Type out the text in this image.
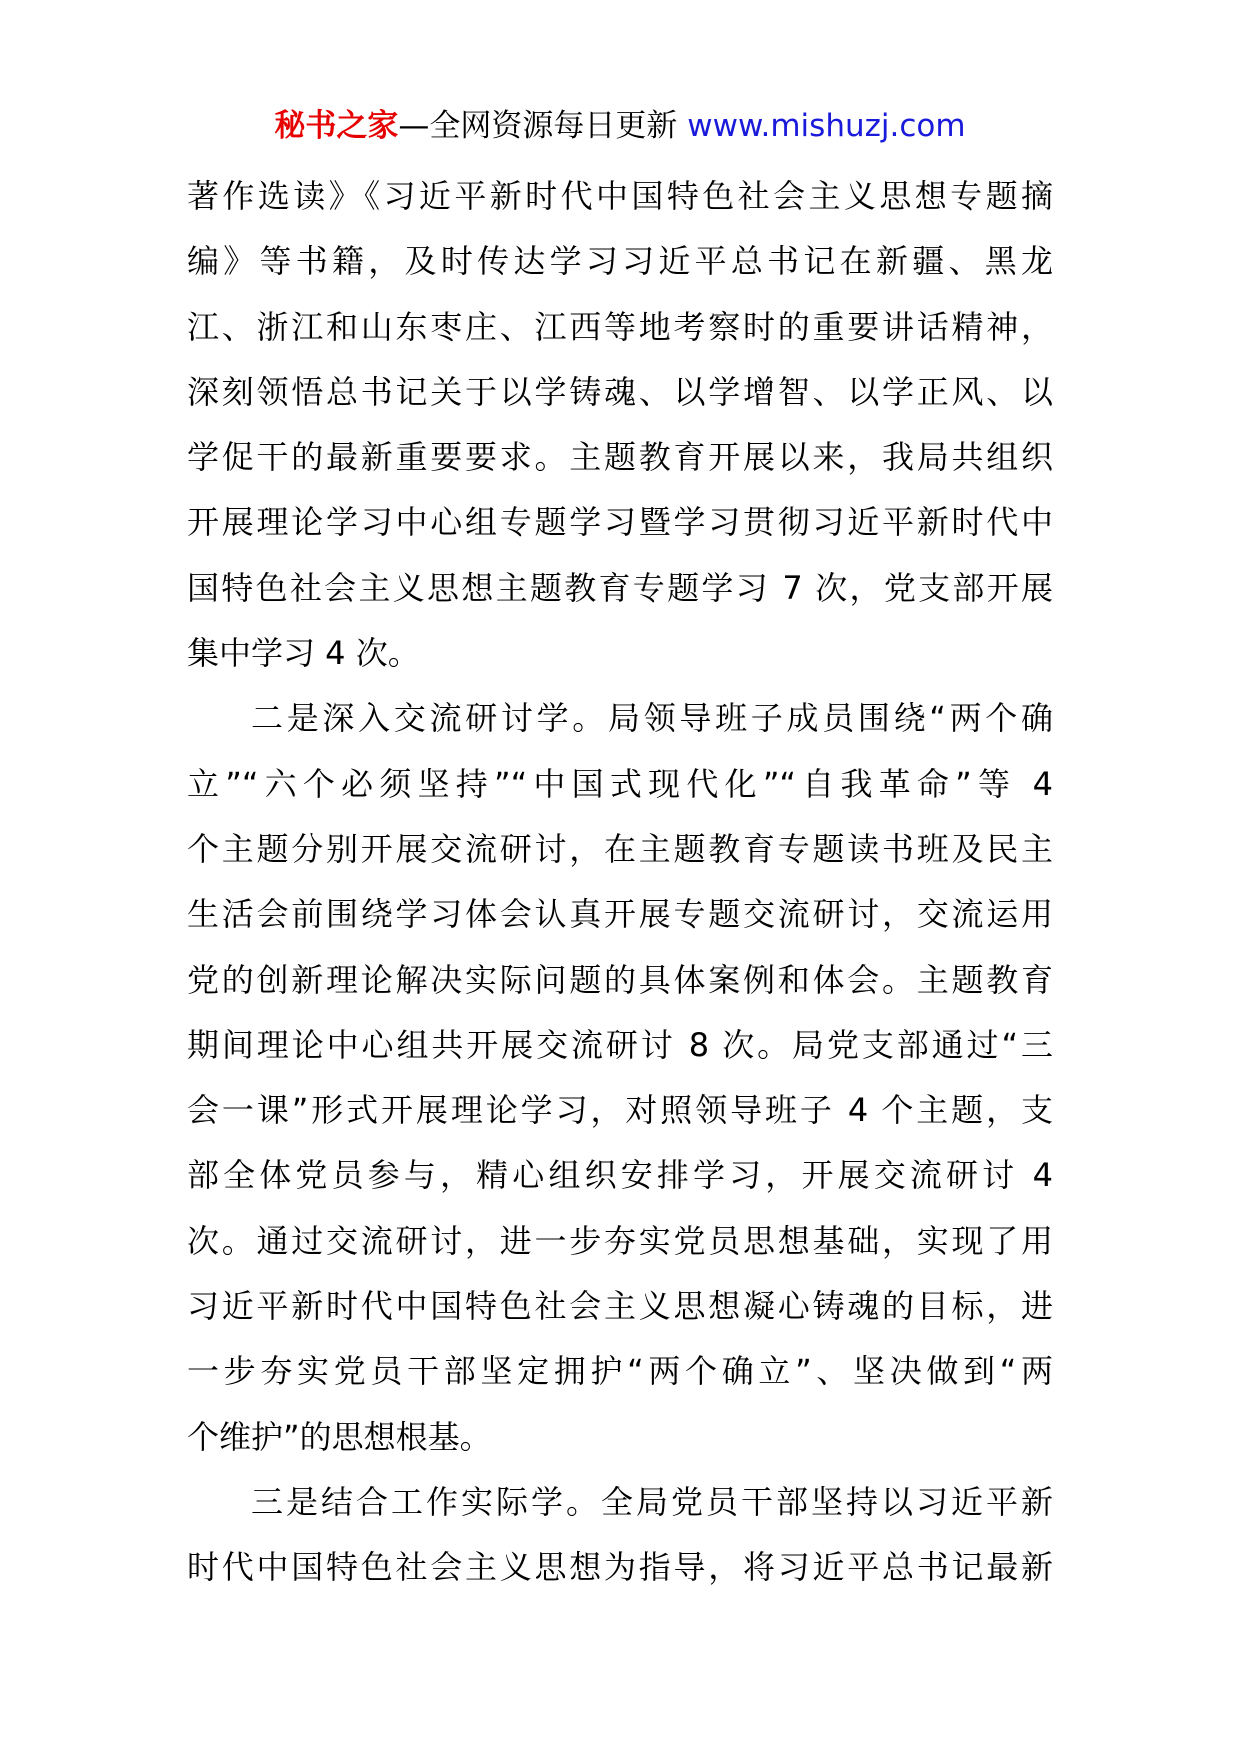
秘书之家—全网资源每日更新 www.mishuzj.com
著作选读》《习近平新时代中国特色社会主义思想专题摘
编》等书籍，及时传达学习习近平总书记在新疆、黑龙
江、浙江和山东枣庄、江西等地考察时的重要讲话精神，
深刻领悟总书记关于以学铸魂、以学增智、以学正风、以
学促干的最新重要要求。主题教育开展以来，我局共组织
开展理论学习中心组专题学习暨学习贯彻习近平新时代中
国特色社会主义思想主题教育专题学习 7 次，党支部开展
集中学习 4 次。
二是深入交流研讨学。局领导班子成员围绕“两个确
立”“六个必须坚持”“中国式现代化”“自我革命”等 4
个主题分别开展交流研讨，在主题教育专题读书班及民主
生活会前围绕学习体会认真开展专题交流研讨，交流运用
党的创新理论解决实际问题的具体案例和体会。主题教育
期间理论中心组共开展交流研讨 8 次。局党支部通过“三
会一课”形式开展理论学习，对照领导班子 4 个主题，支
部全体党员参与，精心组织安排学习，开展交流研讨 4
次。通过交流研讨，进一步夯实党员思想基础，实现了用
习近平新时代中国特色社会主义思想凝心铸魂的目标，进
一步夯实党员干部坚定拥护“两个确立”、坚决做到“两
个维护”的思想根基。
三是结合工作实际学。全局党员干部坚持以习近平新
时代中国特色社会主义思想为指导，将习近平总书记最新
